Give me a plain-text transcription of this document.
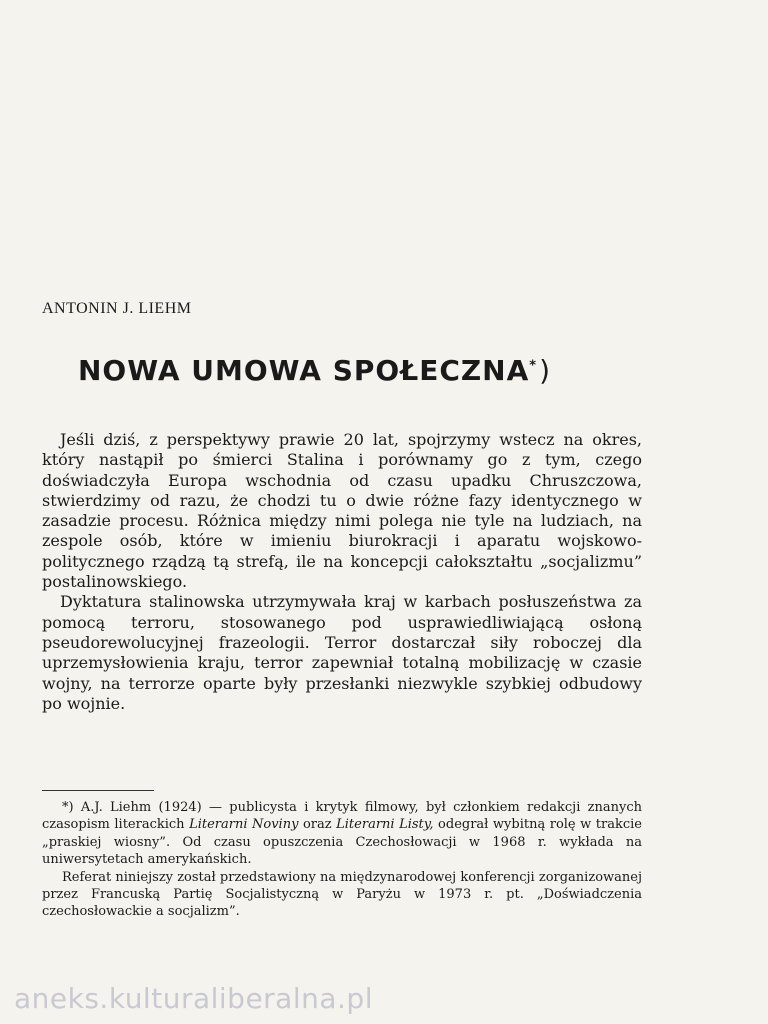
ANTONIN J. LIEHM
NOWA UMOWA SPOŁECZNA*)

Jeśli dziś, z perspektywy prawie 20 lat, spojrzymy wstecz na okres, który nastąpił po śmierci Stalina i porównamy go z tym, czego doświadczyła Europa wschodnia od czasu upadku Chruszczowa, stwierdzimy od razu, że chodzi tu o dwie różne fazy identycznego w zasadzie procesu. Różnica między nimi polega nie tyle na ludziach, na zespole osób, które w imieniu biurokracji i aparatu wojskowo-politycznego rządzą tą strefą, ile na koncepcji całokształtu „socjalizmu” postalinowskiego.

Dyktatura stalinowska utrzymywała kraj w karbach posłuszeństwa za pomocą terroru, stosowanego pod usprawiedliwiającą osłoną pseudorewolucyjnej frazeologii. Terror dostarczał siły roboczej dla uprzemysłowienia kraju, terror zapewniał totalną mobilizację w czasie wojny, na terrorze oparte były przesłanki niezwykle szybkiej odbudowy po wojnie.

*) A.J. Liehm (1924) — publicysta i krytyk filmowy, był członkiem redakcji znanych czasopism literackich Literarni Noviny oraz Literarni Listy, odegrał wybitną rolę w trakcie „praskiej wiosny”. Od czasu opuszczenia Czechosłowacji w 1968 r. wykłada na uniwersytetach amerykańskich.

Referat niniejszy został przedstawiony na międzynarodowej konferencji zorganizowanej przez Francuską Partię Socjalistyczną w Paryżu w 1973 r. pt. „Doświadczenia czechosłowackie a socjalizm”.

aneks.kulturaliberalna.pl
